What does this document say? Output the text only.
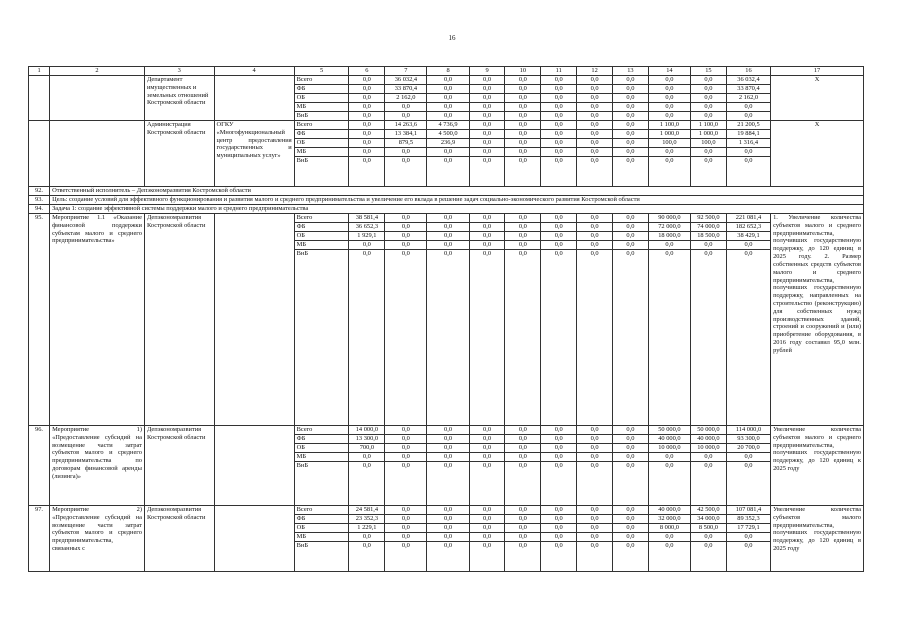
16
1	2	3	4	5	6	7	8	9	10	11	12	13	14	15	16	17
		Департамент имущественных и земельных отношений Костромской области		Всего	0,0	36 032,4	0,0	0,0	0,0	0,0	0,0	0,0	0,0	0,0	36 032,4	X
				ФБ	0,0	33 870,4	0,0	0,0	0,0	0,0	0,0	0,0	0,0	0,0	33 870,4	
				ОБ	0,0	2 162,0	0,0	0,0	0,0	0,0	0,0	0,0	0,0	0,0	2 162,0	
				МБ	0,0	0,0	0,0	0,0	0,0	0,0	0,0	0,0	0,0	0,0	0,0	
				ВнБ	0,0	0,0	0,0	0,0	0,0	0,0	0,0	0,0	0,0	0,0	0,0	
		Администрация Костромской области	ОГКУ «Многофункциональный центр предоставления государственных и муниципальных услуг»	Всего	0,0	14 263,6	4 736,9	0,0	0,0	0,0	0,0	0,0	1 100,0	1 100,0	21 200,5	X
				ФБ	0,0	13 384,1	4 500,0	0,0	0,0	0,0	0,0	0,0	1 000,0	1 000,0	19 884,1	
				ОБ	0,0	879,5	236,9	0,0	0,0	0,0	0,0	0,0	100,0	100,0	1 316,4	
				МБ	0,0	0,0	0,0	0,0	0,0	0,0	0,0	0,0	0,0	0,0	0,0	
				ВнБ	0,0	0,0	0,0	0,0	0,0	0,0	0,0	0,0	0,0	0,0	0,0	
92.	Ответственный исполнитель – Депэкономразвития Костромской области															
93.	Цель: создание условий для эффективного функционирования и развития малого и среднего предпринимательства и увеличение его вклада в решение задач социально-экономического развития Костромской области															
94.	Задача 1: создание эффективной системы поддержки малого и среднего предпринимательства															
95.	Мероприятие 1.1 «Оказание финансовой поддержки субъектам малого и среднего предпринимательства»	Депэкономразвития Костромской области		Всего	38 581,4	0,0	0,0	0,0	0,0	0,0	0,0	0,0	90 000,0	92 500,0	221 081,4	1. Увеличение количества субъектов малого и среднего предпринимательства, получивших государственную поддержку, до 120 единиц в 2025 году. 2. Размер собственных средств субъектов малого и среднего предпринимательства, получивших государственную поддержку, направленных на строительство (реконструкцию) для собственных нужд производственных зданий, строений и сооружений и (или) приобретение оборудования, в 2016 году составил 95,0 млн. рублей
				ФБ	36 652,3	0,0	0,0	0,0	0,0	0,0	0,0	0,0	72 000,0	74 000,0	182 652,3	
				ОБ	1 929,1	0,0	0,0	0,0	0,0	0,0	0,0	0,0	18 000,0	18 500,0	38 429,1	
				МБ	0,0	0,0	0,0	0,0	0,0	0,0	0,0	0,0	0,0	0,0	0,0	
				ВнБ	0,0	0,0	0,0	0,0	0,0	0,0	0,0	0,0	0,0	0,0	0,0	
96.	Мероприятие 1) «Предоставление субсидий на возмещение части затрат субъектов малого и среднего предпринимательства по договорам финансовой аренды (лизинга)»	Депэкономразвития Костромской области		Всего	14 000,0	0,0	0,0	0,0	0,0	0,0	0,0	0,0	50 000,0	50 000,0	114 000,0	Увеличение количества субъектов малого и среднего предпринимательства, получивших государственную поддержку, до 120 единиц к 2025 году
				ФБ	13 300,0	0,0	0,0	0,0	0,0	0,0	0,0	0,0	40 000,0	40 000,0	93 300,0	
				ОБ	700,0	0,0	0,0	0,0	0,0	0,0	0,0	0,0	10 000,0	10 000,0	20 700,0	
				МБ	0,0	0,0	0,0	0,0	0,0	0,0	0,0	0,0	0,0	0,0	0,0	
				ВнБ	0,0	0,0	0,0	0,0	0,0	0,0	0,0	0,0	0,0	0,0	0,0	
97.	Мероприятие 2) «Предоставление субсидий на возмещение части затрат субъектов малого и среднего предпринимательства, связанных с	Депэкономразвития Костромской области		Всего	24 581,4	0,0	0,0	0,0	0,0	0,0	0,0	0,0	40 000,0	42 500,0	107 081,4	Увеличение количества субъектов малого предпринимательства, получивших государственную поддержку, до 120 единиц в 2025 году
				ФБ	23 352,3	0,0	0,0	0,0	0,0	0,0	0,0	0,0	32 000,0	34 000,0	89 352,3	
				ОБ	1 229,1	0,0	0,0	0,0	0,0	0,0	0,0	0,0	8 000,0	8 500,0	17 729,1	
				МБ	0,0	0,0	0,0	0,0	0,0	0,0	0,0	0,0	0,0	0,0	0,0	
				ВнБ	0,0	0,0	0,0	0,0	0,0	0,0	0,0	0,0	0,0	0,0	0,0	
